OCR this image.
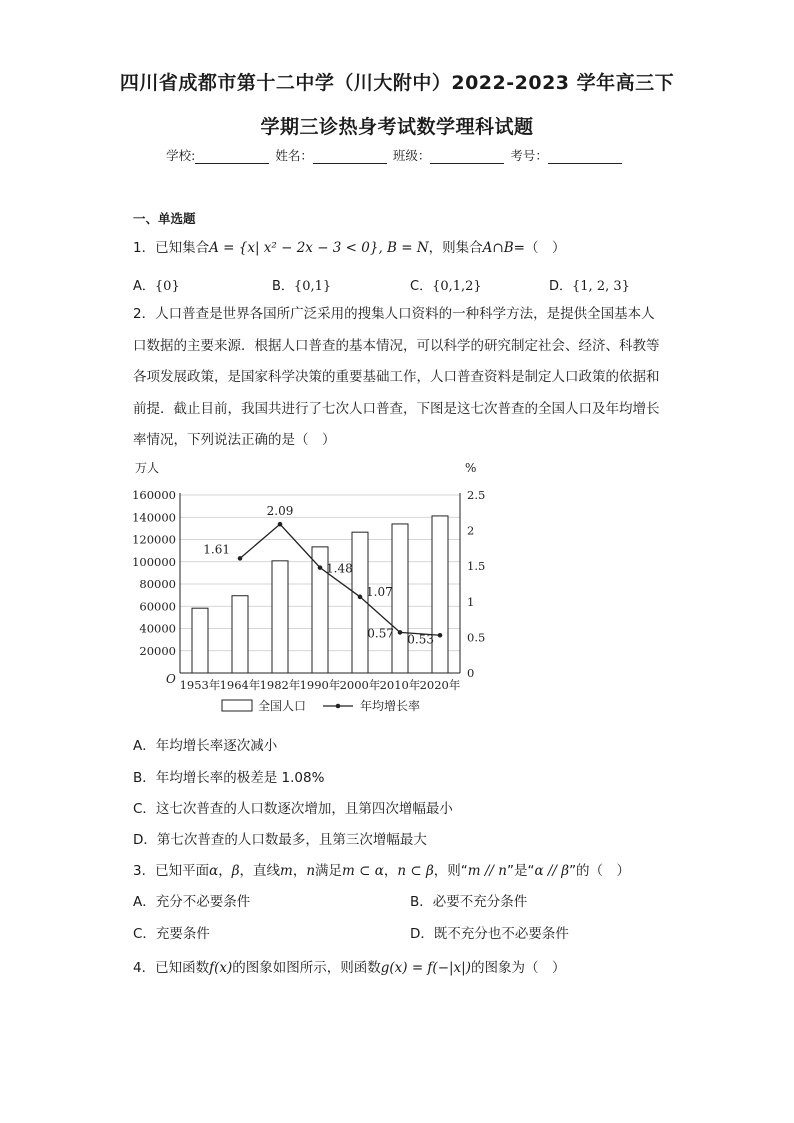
四川省成都市第十二中学（川大附中）2022-2023 学年高三下
学期三诊热身考试数学理科试题
学校:	姓名：	班级：	考号：
一、单选题
1．已知集合A = {x| x² − 2x − 3 < 0}, B = N，则集合A∩B=（　）
A．{0}	B．{0,1}	C．{0,1,2}	D．{1, 2, 3}
2．人口普查是世界各国所广泛采用的搜集人口资料的一种科学方法，是提供全国基本人口数据的主要来源．根据人口普查的基本情况，可以科学的研究制定社会、经济、科教等各项发展政策，是国家科学决策的重要基础工作，人口普查资料是制定人口政策的依据和前提．截止目前，我国共进行了七次人口普查，下图是这七次普查的全国人口及年均增长率情况，下列说法正确的是（　）
20000
40000
60000
80000
100000
120000
140000
160000
0
0.5
1
1.5
2
2.5
万人	%
O 1953年 1964年 1982年 1990年 2000年 2010年 2020年
1.61
2.09
1.48
1.07
0.57 0.53
全国人口	年均增长率
A．年均增长率逐次减小
B．年均增长率的极差是 1.08%
C．这七次普查的人口数逐次增加，且第四次增幅最小
D．第七次普查的人口数最多，且第三次增幅最大
3．已知平面α，β，直线m，n满足m ⊂ α，n ⊂ β，则“m // n”是“α // β”的（　）
A．充分不必要条件	B．必要不充分条件
C．充要条件	D．既不充分也不必要条件
4．已知函数f(x)的图象如图所示，则函数g(x) = f(−|x|)的图象为（　）
